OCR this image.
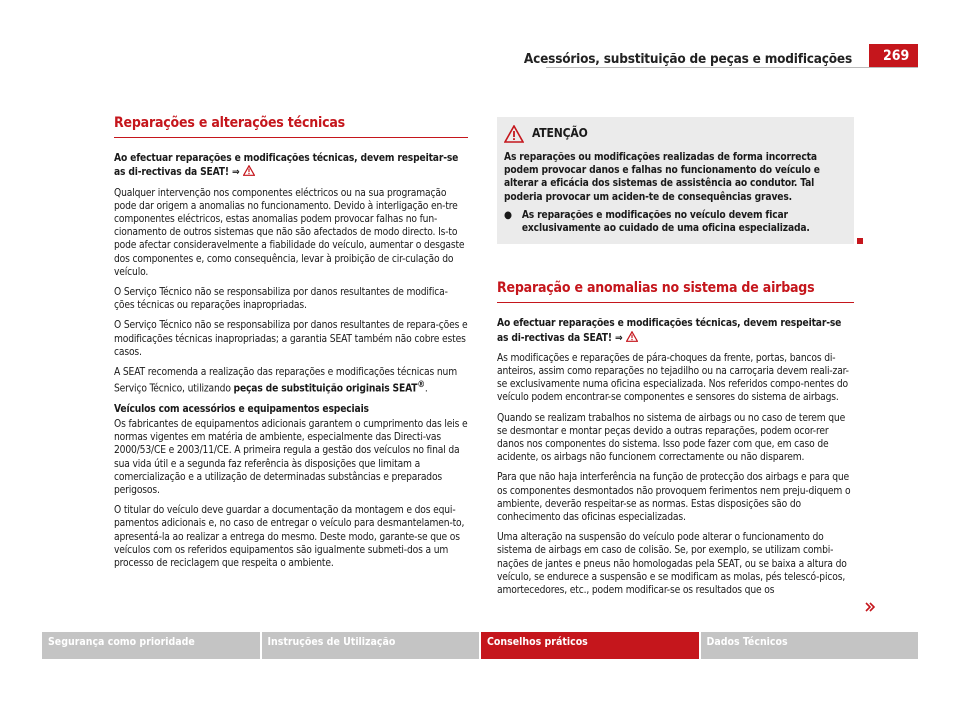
Acessórios, substituição de peças e modificações	269
Reparações e alterações técnicas

Ao efectuar reparações e modificações técnicas, devem respeitar-se as di-rectivas da SEAT! ⇒

Qualquer intervenção nos componentes eléctricos ou na sua programação pode dar origem a anomalias no funcionamento. Devido à interligação en-tre componentes eléctricos, estas anomalias podem provocar falhas no fun-cionamento de outros sistemas que não são afectados de modo directo. Is-to pode afectar consideravelmente a fiabilidade do veículo, aumentar o desgaste dos componentes e, como consequência, levar à proibição de cir-culação do veículo.

O Serviço Técnico não se responsabiliza por danos resultantes de modifica-ções técnicas ou reparações inapropriadas.

O Serviço Técnico não se responsabiliza por danos resultantes de repara-ções e modificações técnicas inapropriadas; a garantia SEAT também não cobre estes casos.

A SEAT recomenda a realização das reparações e modificações técnicas num Serviço Técnico, utilizando peças de substituição originais SEAT®.

Veículos com acessórios e equipamentos especiais

Os fabricantes de equipamentos adicionais garantem o cumprimento das leis e normas vigentes em matéria de ambiente, especialmente das Directi-vas 2000/53/CE e 2003/11/CE. A primeira regula a gestão dos veículos no final da sua vida útil e a segunda faz referência às disposições que limitam a comercialização e a utilização de determinadas substâncias e preparados perigosos.

O titular do veículo deve guardar a documentação da montagem e dos equi-pamentos adicionais e, no caso de entregar o veículo para desmantelamen-to, apresentá-la ao realizar a entrega do mesmo. Deste modo, garante-se que os veículos com os referidos equipamentos são igualmente submeti-dos a um processo de reciclagem que respeita o ambiente.

ATENÇÃO
As reparações ou modificações realizadas de forma incorrecta podem provocar danos e falhas no funcionamento do veículo e alterar a eficácia dos sistemas de assistência ao condutor. Tal poderia provocar um aciden-te de consequências graves.
● As reparações e modificações no veículo devem ficar exclusivamente ao cuidado de uma oficina especializada.
Reparação e anomalias no sistema de airbags

Ao efectuar reparações e modificações técnicas, devem respeitar-se as di-rectivas da SEAT! ⇒

As modificações e reparações de pára-choques da frente, portas, bancos di-anteiros, assim como reparações no tejadilho ou na carroçaria devem reali-zar-se exclusivamente numa oficina especializada. Nos referidos compo-nentes do veículo podem encontrar-se componentes e sensores do sistema de airbags.

Quando se realizam trabalhos no sistema de airbags ou no caso de terem que se desmontar e montar peças devido a outras reparações, podem ocor-rer danos nos componentes do sistema. Isso pode fazer com que, em caso de acidente, os airbags não funcionem correctamente ou não disparem.

Para que não haja interferência na função de protecção dos airbags e para que os componentes desmontados não provoquem ferimentos nem preju-diquem o ambiente, deverão respeitar-se as normas. Estas disposições são do conhecimento das oficinas especializadas.

Uma alteração na suspensão do veículo pode alterar o funcionamento do sistema de airbags em caso de colisão. Se, por exemplo, se utilizam combi-nações de jantes e pneus não homologadas pela SEAT, ou se baixa a altura do veículo, se endurece a suspensão e se modificam as molas, pés telescó-picos, amortecedores, etc., podem modificar-se os resultados que os

Segurança como prioridade	Instruções de Utilização	Conselhos práticos	Dados Técnicos
